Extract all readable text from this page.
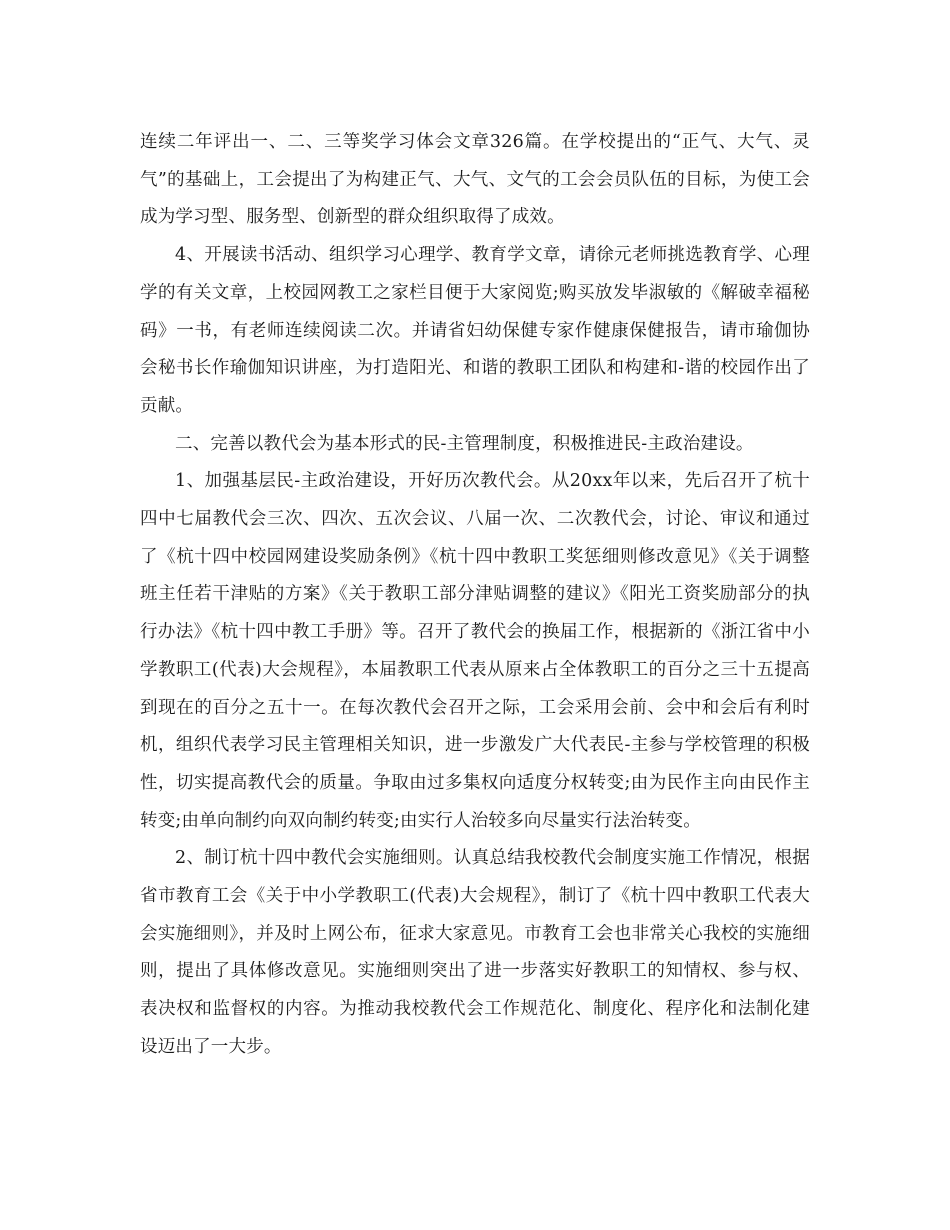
连续二年评出一、二、三等奖学习体会文章326篇。在学校提出的“正气、大气、灵气”的基础上，工会提出了为构建正气、大气、文气的工会会员队伍的目标，为使工会成为学习型、服务型、创新型的群众组织取得了成效。

4、开展读书活动、组织学习心理学、教育学文章，请徐元老师挑选教育学、心理学的有关文章，上校园网教工之家栏目便于大家阅览;购买放发毕淑敏的《解破幸福秘码》一书，有老师连续阅读二次。并请省妇幼保健专家作健康保健报告，请市瑜伽协会秘书长作瑜伽知识讲座，为打造阳光、和谐的教职工团队和构建和-谐的校园作出了贡献。

二、完善以教代会为基本形式的民-主管理制度，积极推进民-主政治建设。

1、加强基层民-主政治建设，开好历次教代会。从20xx年以来，先后召开了杭十四中七届教代会三次、四次、五次会议、八届一次、二次教代会，讨论、审议和通过了《杭十四中校园网建设奖励条例》《杭十四中教职工奖惩细则修改意见》《关于调整班主任若干津贴的方案》《关于教职工部分津贴调整的建议》《阳光工资奖励部分的执行办法》《杭十四中教工手册》等。召开了教代会的换届工作，根据新的《浙江省中小学教职工(代表)大会规程》，本届教职工代表从原来占全体教职工的百分之三十五提高到现在的百分之五十一。在每次教代会召开之际，工会采用会前、会中和会后有利时机，组织代表学习民主管理相关知识，进一步激发广大代表民-主参与学校管理的积极性，切实提高教代会的质量。争取由过多集权向适度分权转变;由为民作主向由民作主转变;由单向制约向双向制约转变;由实行人治较多向尽量实行法治转变。

2、制订杭十四中教代会实施细则。认真总结我校教代会制度实施工作情况，根据省市教育工会《关于中小学教职工(代表)大会规程》，制订了《杭十四中教职工代表大会实施细则》，并及时上网公布，征求大家意见。市教育工会也非常关心我校的实施细则，提出了具体修改意见。实施细则突出了进一步落实好教职工的知情权、参与权、表决权和监督权的内容。为推动我校教代会工作规范化、制度化、程序化和法制化建设迈出了一大步。
